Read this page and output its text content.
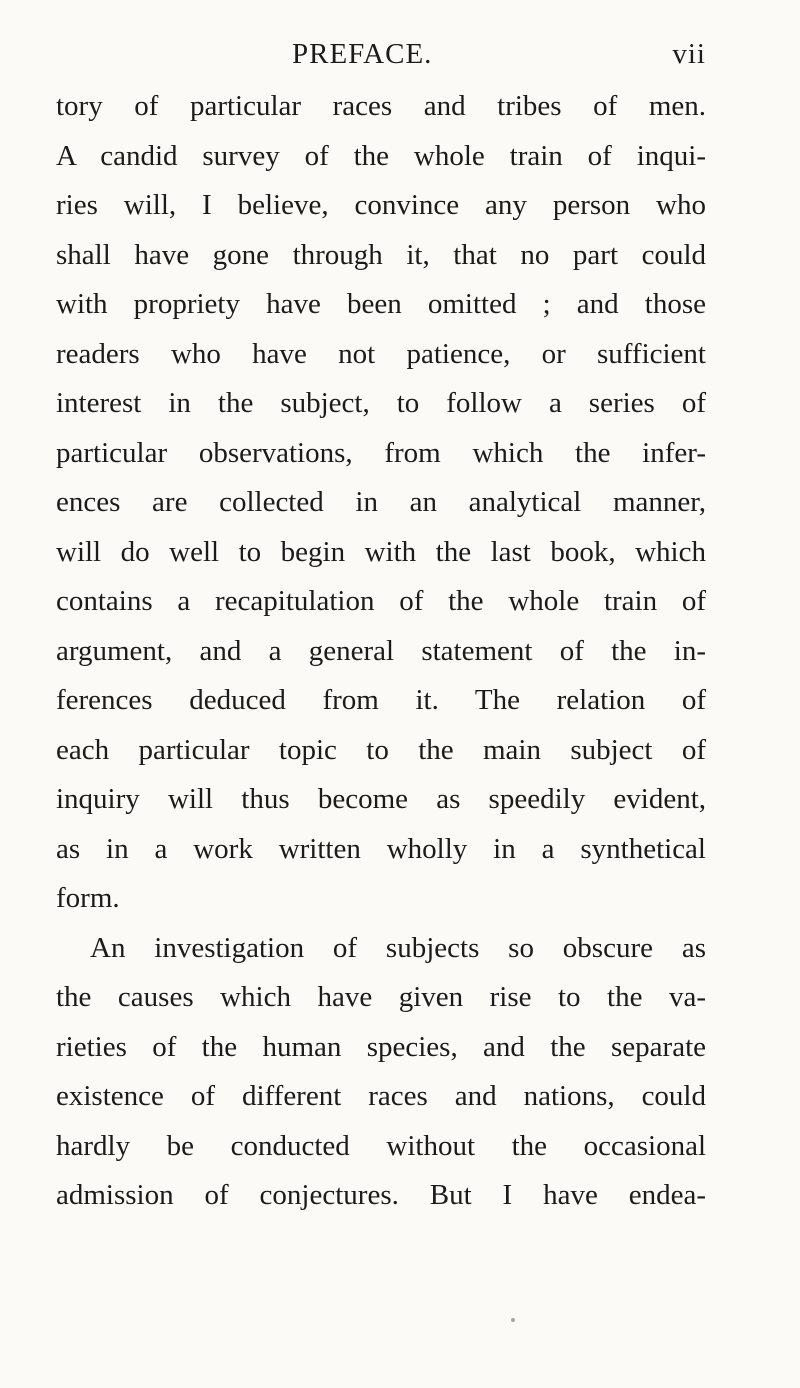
PREFACE.	vii
tory of particular races and tribes of men.
A candid survey of the whole train of inqui-
ries will, I believe, convince any person who
shall have gone through it, that no part could
with propriety have been omitted ; and those
readers who have not patience, or sufficient
interest in the subject, to follow a series of
particular observations, from which the infer-
ences are collected in an analytical manner,
will do well to begin with the last book, which
contains a recapitulation of the whole train of
argument, and a general statement of the in-
ferences deduced from it. The relation of
each particular topic to the main subject of
inquiry will thus become as speedily evident,
as in a work written wholly in a synthetical
form.
An investigation of subjects so obscure as
the causes which have given rise to the va-
rieties of the human species, and the separate
existence of different races and nations, could
hardly be conducted without the occasional
admission of conjectures. But I have endea-
